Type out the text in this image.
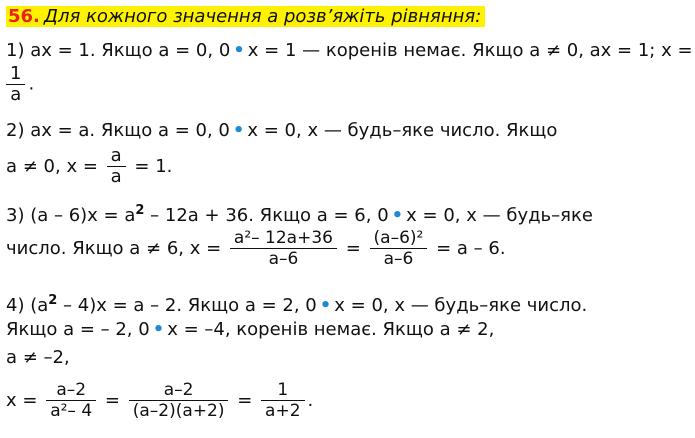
56. Для кожного значення a розв’яжіть рівняння:
1) ax = 1. Якщо a = 0, 0 • x = 1 — коренів немає. Якщо a ≠ 0, ax = 1; x =
$\frac{1}{a}$ .
2) ax = a. Якщо a = 0, 0 • x = 0, x — будь–яке число. Якщо
a ≠ 0, $x = \frac{a}{a} = 1$.
3) $(a - 6)x = a^2 - 12a + 36$. Якщо a = 6, 0 • x = 0, x — будь–яке
число. Якщо a ≠ 6, $x = \frac{\text{a²– 12a+36}}{a-6} = \frac{\text{(a–6)²}}{a-6} = a - 6$.
4) $(a^2 - 4)x = a - 2$. Якщо a = 2, 0 • x = 0, x — будь–яке число.
Якщо a = – 2, 0 • x = –4, коренів немає. Якщо a ≠ 2,
a ≠ –2,
$x = \frac{a-2}{\text{a²– 4}} = \frac{a-2}{(a-2)(a+2)} = \frac{1}{a+2}$ .
